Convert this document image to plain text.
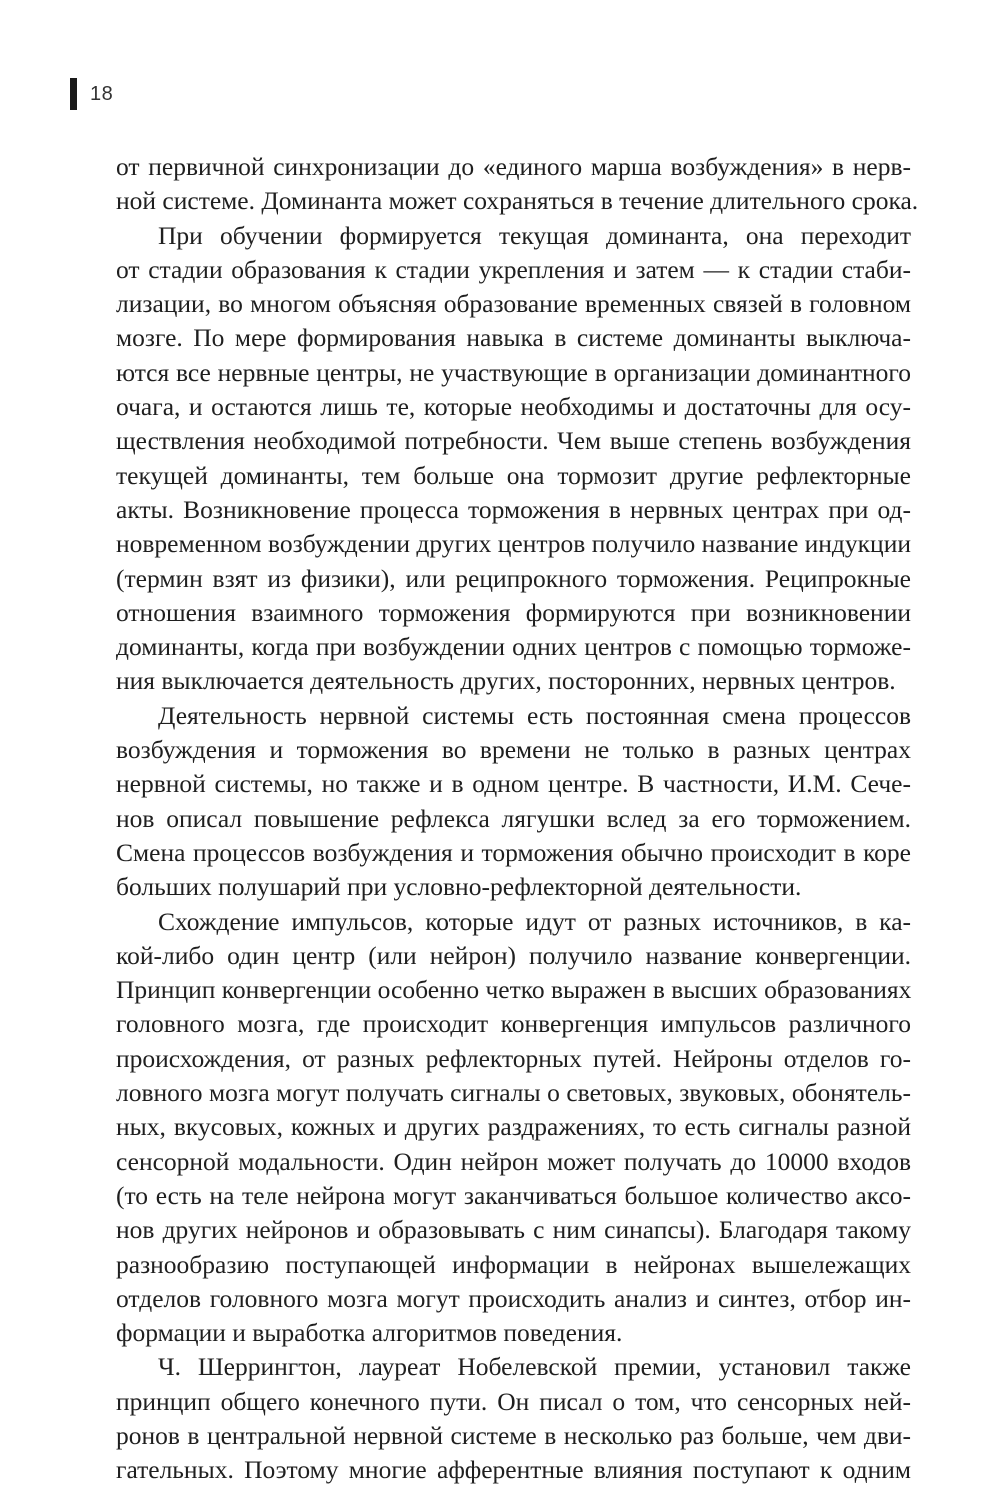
18
от первичной синхронизации до «единого марша возбуждения» в нерв-
ной системе. Доминанта может сохраняться в течение длительного срока.
При обучении формируется текущая доминанта, она переходит
от стадии образования к стадии укрепления и затем — к стадии стаби-
лизации, во многом объясняя образование временных связей в головном
мозге. По мере формирования навыка в системе доминанты выключа-
ются все нервные центры, не участвующие в организации доминантного
очага, и остаются лишь те, которые необходимы и достаточны для осу-
ществления необходимой потребности. Чем выше степень возбуждения
текущей доминанты, тем больше она тормозит другие рефлекторные
акты. Возникновение процесса торможения в нервных центрах при од-
новременном возбуждении других центров получило название индукции
(термин взят из физики), или реципрокного торможения. Реципрокные
отношения взаимного торможения формируются при возникновении
доминанты, когда при возбуждении одних центров с помощью торможе-
ния выключается деятельность других, посторонних, нервных центров.
Деятельность нервной системы есть постоянная смена процессов
возбуждения и торможения во времени не только в разных центрах
нервной системы, но также и в одном центре. В частности, И.М. Сече-
нов описал повышение рефлекса лягушки вслед за его торможением.
Смена процессов возбуждения и торможения обычно происходит в коре
больших полушарий при условно-рефлекторной деятельности.
Схождение импульсов, которые идут от разных источников, в ка-
кой-либо один центр (или нейрон) получило название конвергенции.
Принцип конвергенции особенно четко выражен в высших образованиях
головного мозга, где происходит конвергенция импульсов различного
происхождения, от разных рефлекторных путей. Нейроны отделов го-
ловного мозга могут получать сигналы о световых, звуковых, обонятель-
ных, вкусовых, кожных и других раздражениях, то есть сигналы разной
сенсорной модальности. Один нейрон может получать до 10000 входов
(то есть на теле нейрона могут заканчиваться большое количество аксо-
нов других нейронов и образовывать с ним синапсы). Благодаря такому
разнообразию поступающей информации в нейронах вышележащих
отделов головного мозга могут происходить анализ и синтез, отбор ин-
формации и выработка алгоритмов поведения.
Ч. Шеррингтон, лауреат Нобелевской премии, установил также
принцип общего конечного пути. Он писал о том, что сенсорных ней-
ронов в центральной нервной системе в несколько раз больше, чем дви-
гательных. Поэтому многие афферентные влияния поступают к одним
